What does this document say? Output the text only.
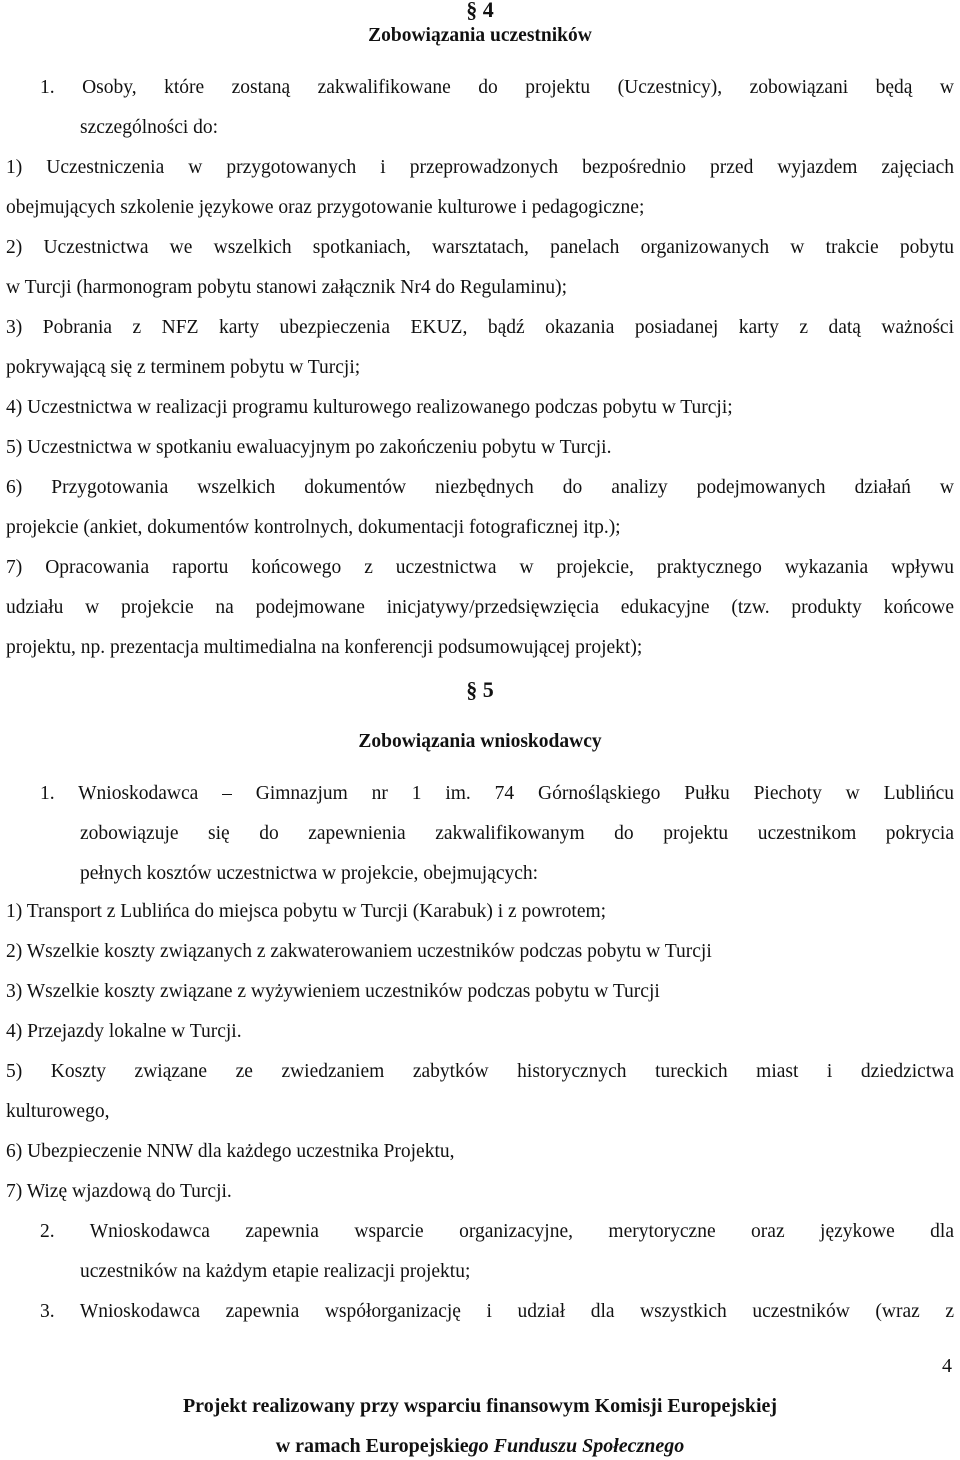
§ 4
Zobowiązania uczestników
1. Osoby, które zostaną zakwalifikowane do projektu (Uczestnicy), zobowiązani będą w
szczególności do:
1) Uczestniczenia w przygotowanych i przeprowadzonych bezpośrednio przed wyjazdem zajęciach
obejmujących szkolenie językowe oraz przygotowanie kulturowe i pedagogiczne;
2) Uczestnictwa we wszelkich spotkaniach, warsztatach, panelach organizowanych w trakcie pobytu
w Turcji (harmonogram pobytu stanowi załącznik Nr4 do Regulaminu);
3) Pobrania z NFZ karty ubezpieczenia EKUZ, bądź okazania posiadanej karty z datą ważności
pokrywającą się z terminem pobytu w Turcji;
4) Uczestnictwa w realizacji programu kulturowego realizowanego podczas pobytu w Turcji;
5) Uczestnictwa w spotkaniu ewaluacyjnym po zakończeniu pobytu w Turcji.
6) Przygotowania wszelkich dokumentów niezbędnych do analizy podejmowanych działań w
projekcie (ankiet, dokumentów kontrolnych, dokumentacji fotograficznej itp.);
7) Opracowania raportu końcowego z uczestnictwa w projekcie, praktycznego wykazania wpływu
udziału w projekcie na podejmowane inicjatywy/przedsięwzięcia edukacyjne (tzw. produkty końcowe
projektu, np. prezentacja multimedialna na konferencji podsumowującej projekt);
§ 5
Zobowiązania wnioskodawcy
1. Wnioskodawca – Gimnazjum nr 1 im. 74 Górnośląskiego Pułku Piechoty w Lublińcu
zobowiązuje się do zapewnienia zakwalifikowanym do projektu uczestnikom pokrycia
pełnych kosztów uczestnictwa w projekcie, obejmujących:
1) Transport z Lublińca do miejsca pobytu w Turcji (Karabuk) i z powrotem;
2) Wszelkie koszty związanych z zakwaterowaniem uczestników podczas pobytu w Turcji
3) Wszelkie koszty związane z wyżywieniem uczestników podczas pobytu w Turcji
4) Przejazdy lokalne w Turcji.
5) Koszty związane ze zwiedzaniem zabytków historycznych tureckich miast i dziedzictwa
kulturowego,
6) Ubezpieczenie NNW dla każdego uczestnika Projektu,
7) Wizę wjazdową do Turcji.
2. Wnioskodawca zapewnia wsparcie organizacyjne, merytoryczne oraz językowe dla
uczestników na każdym etapie realizacji projektu;
3. Wnioskodawca zapewnia współorganizację i udział dla wszystkich uczestników (wraz z
4
Projekt realizowany przy wsparciu finansowym Komisji Europejskiej
w ramach Europejskiego Funduszu Społecznego
